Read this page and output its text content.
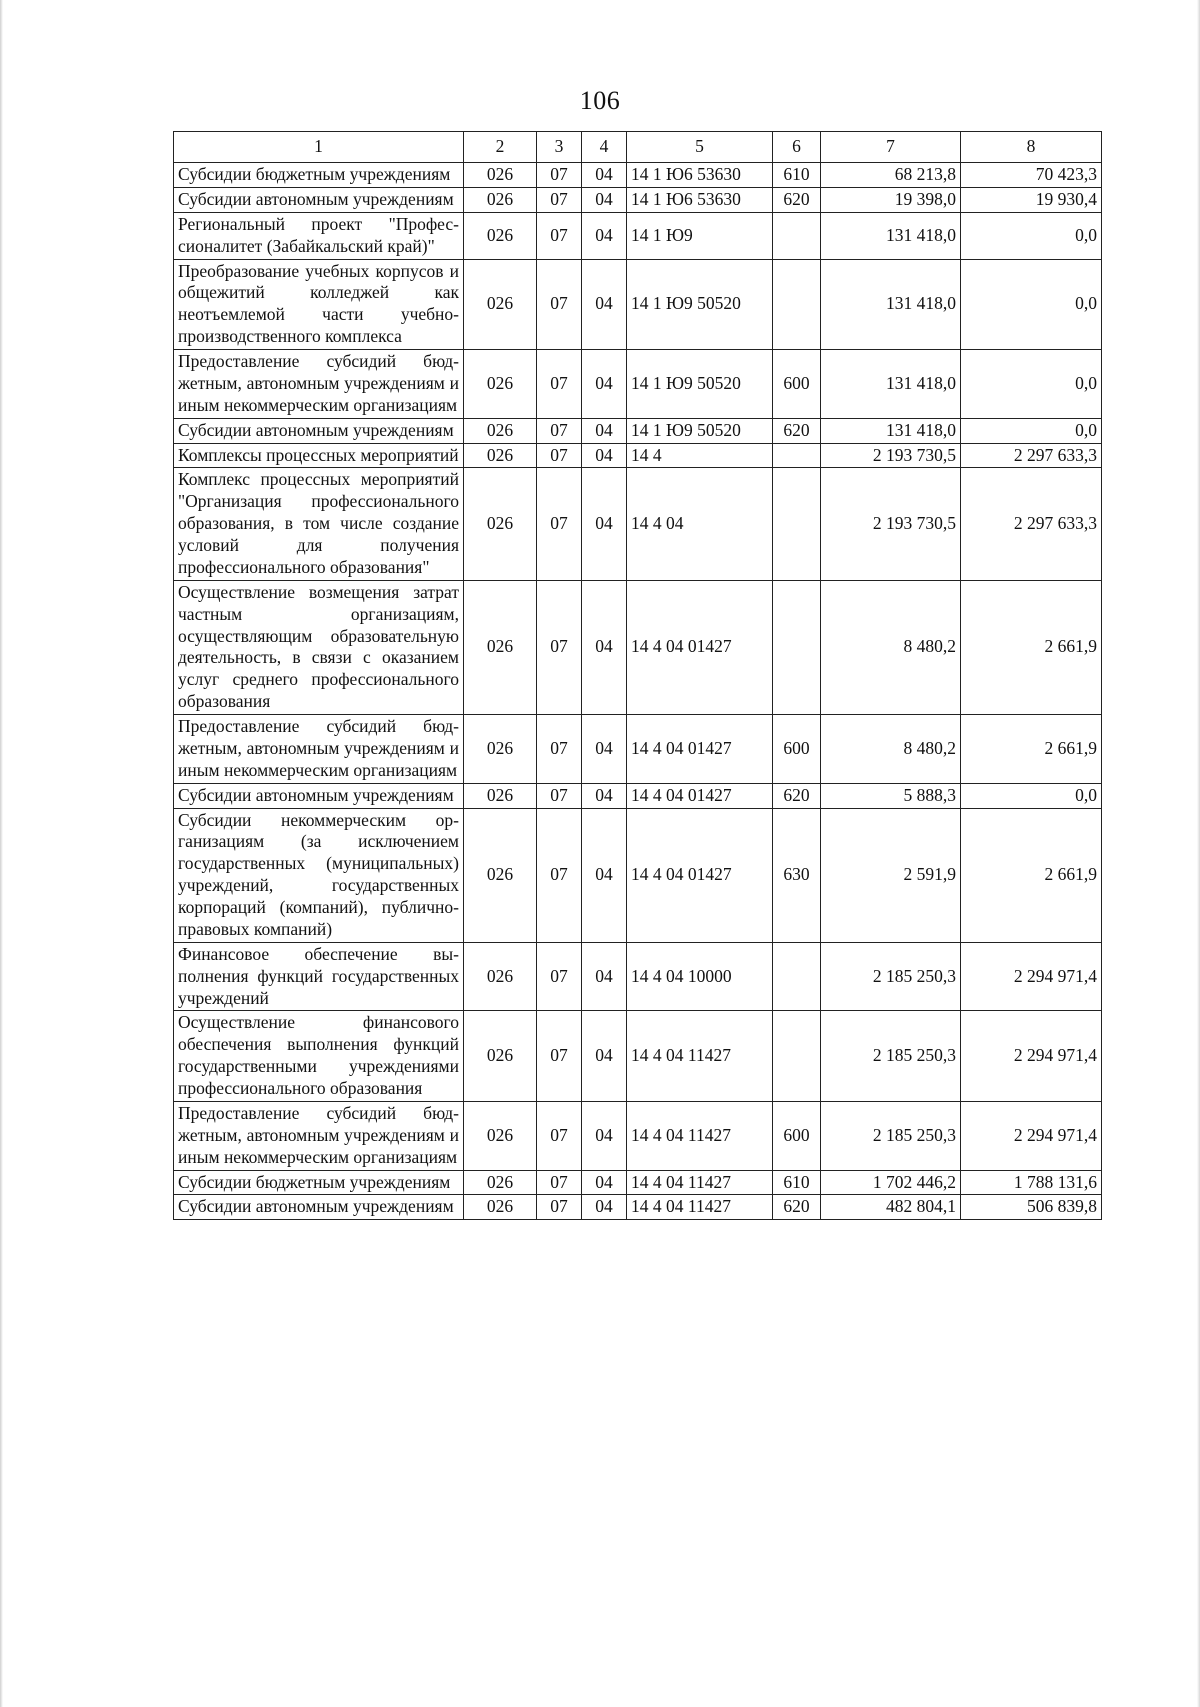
106
1	2	3	4	5	6	7	8
Субсидии бюджетным учреждениям	026	07	04	14 1 Ю6 53630	610	68 213,8	70 423,3
Субсидии автономным учреждениям	026	07	04	14 1 Ю6 53630	620	19 398,0	19 930,4
Региональный проект "Профессионалитет (Забайкальский край)"	026	07	04	14 1 Ю9		131 418,0	0,0
Преобразование учебных корпусов и общежитий колледжей как неотъемлемой части учебно-производственного комплекса	026	07	04	14 1 Ю9 50520		131 418,0	0,0
Предоставление субсидий бюджетным, автономным учреждениям и иным некоммерческим организациям	026	07	04	14 1 Ю9 50520	600	131 418,0	0,0
Субсидии автономным учреждениям	026	07	04	14 1 Ю9 50520	620	131 418,0	0,0
Комплексы процессных мероприятий	026	07	04	14 4		2 193 730,5	2 297 633,3
Комплекс процессных мероприятий "Организация профессионального образования, в том числе создание условий для получения профессионального образования"	026	07	04	14 4 04		2 193 730,5	2 297 633,3
Осуществление возмещения затрат частным организациям, осуществляющим образовательную деятельность, в связи с оказанием услуг среднего профессионального образования	026	07	04	14 4 04 01427		8 480,2	2 661,9
Предоставление субсидий бюджетным, автономным учреждениям и иным некоммерческим организациям	026	07	04	14 4 04 01427	600	8 480,2	2 661,9
Субсидии автономным учреждениям	026	07	04	14 4 04 01427	620	5 888,3	0,0
Субсидии некоммерческим организациям (за исключением государственных (муниципальных) учреждений, государственных корпораций (компаний), публично-правовых компаний)	026	07	04	14 4 04 01427	630	2 591,9	2 661,9
Финансовое обеспечение выполнения функций государственных учреждений	026	07	04	14 4 04 10000		2 185 250,3	2 294 971,4
Осуществление финансового обеспечения выполнения функций государственными учреждениями профессионального образования	026	07	04	14 4 04 11427		2 185 250,3	2 294 971,4
Предоставление субсидий бюджетным, автономным учреждениям и иным некоммерческим организациям	026	07	04	14 4 04 11427	600	2 185 250,3	2 294 971,4
Субсидии бюджетным учреждениям	026	07	04	14 4 04 11427	610	1 702 446,2	1 788 131,6
Субсидии автономным учреждениям	026	07	04	14 4 04 11427	620	482 804,1	506 839,8
